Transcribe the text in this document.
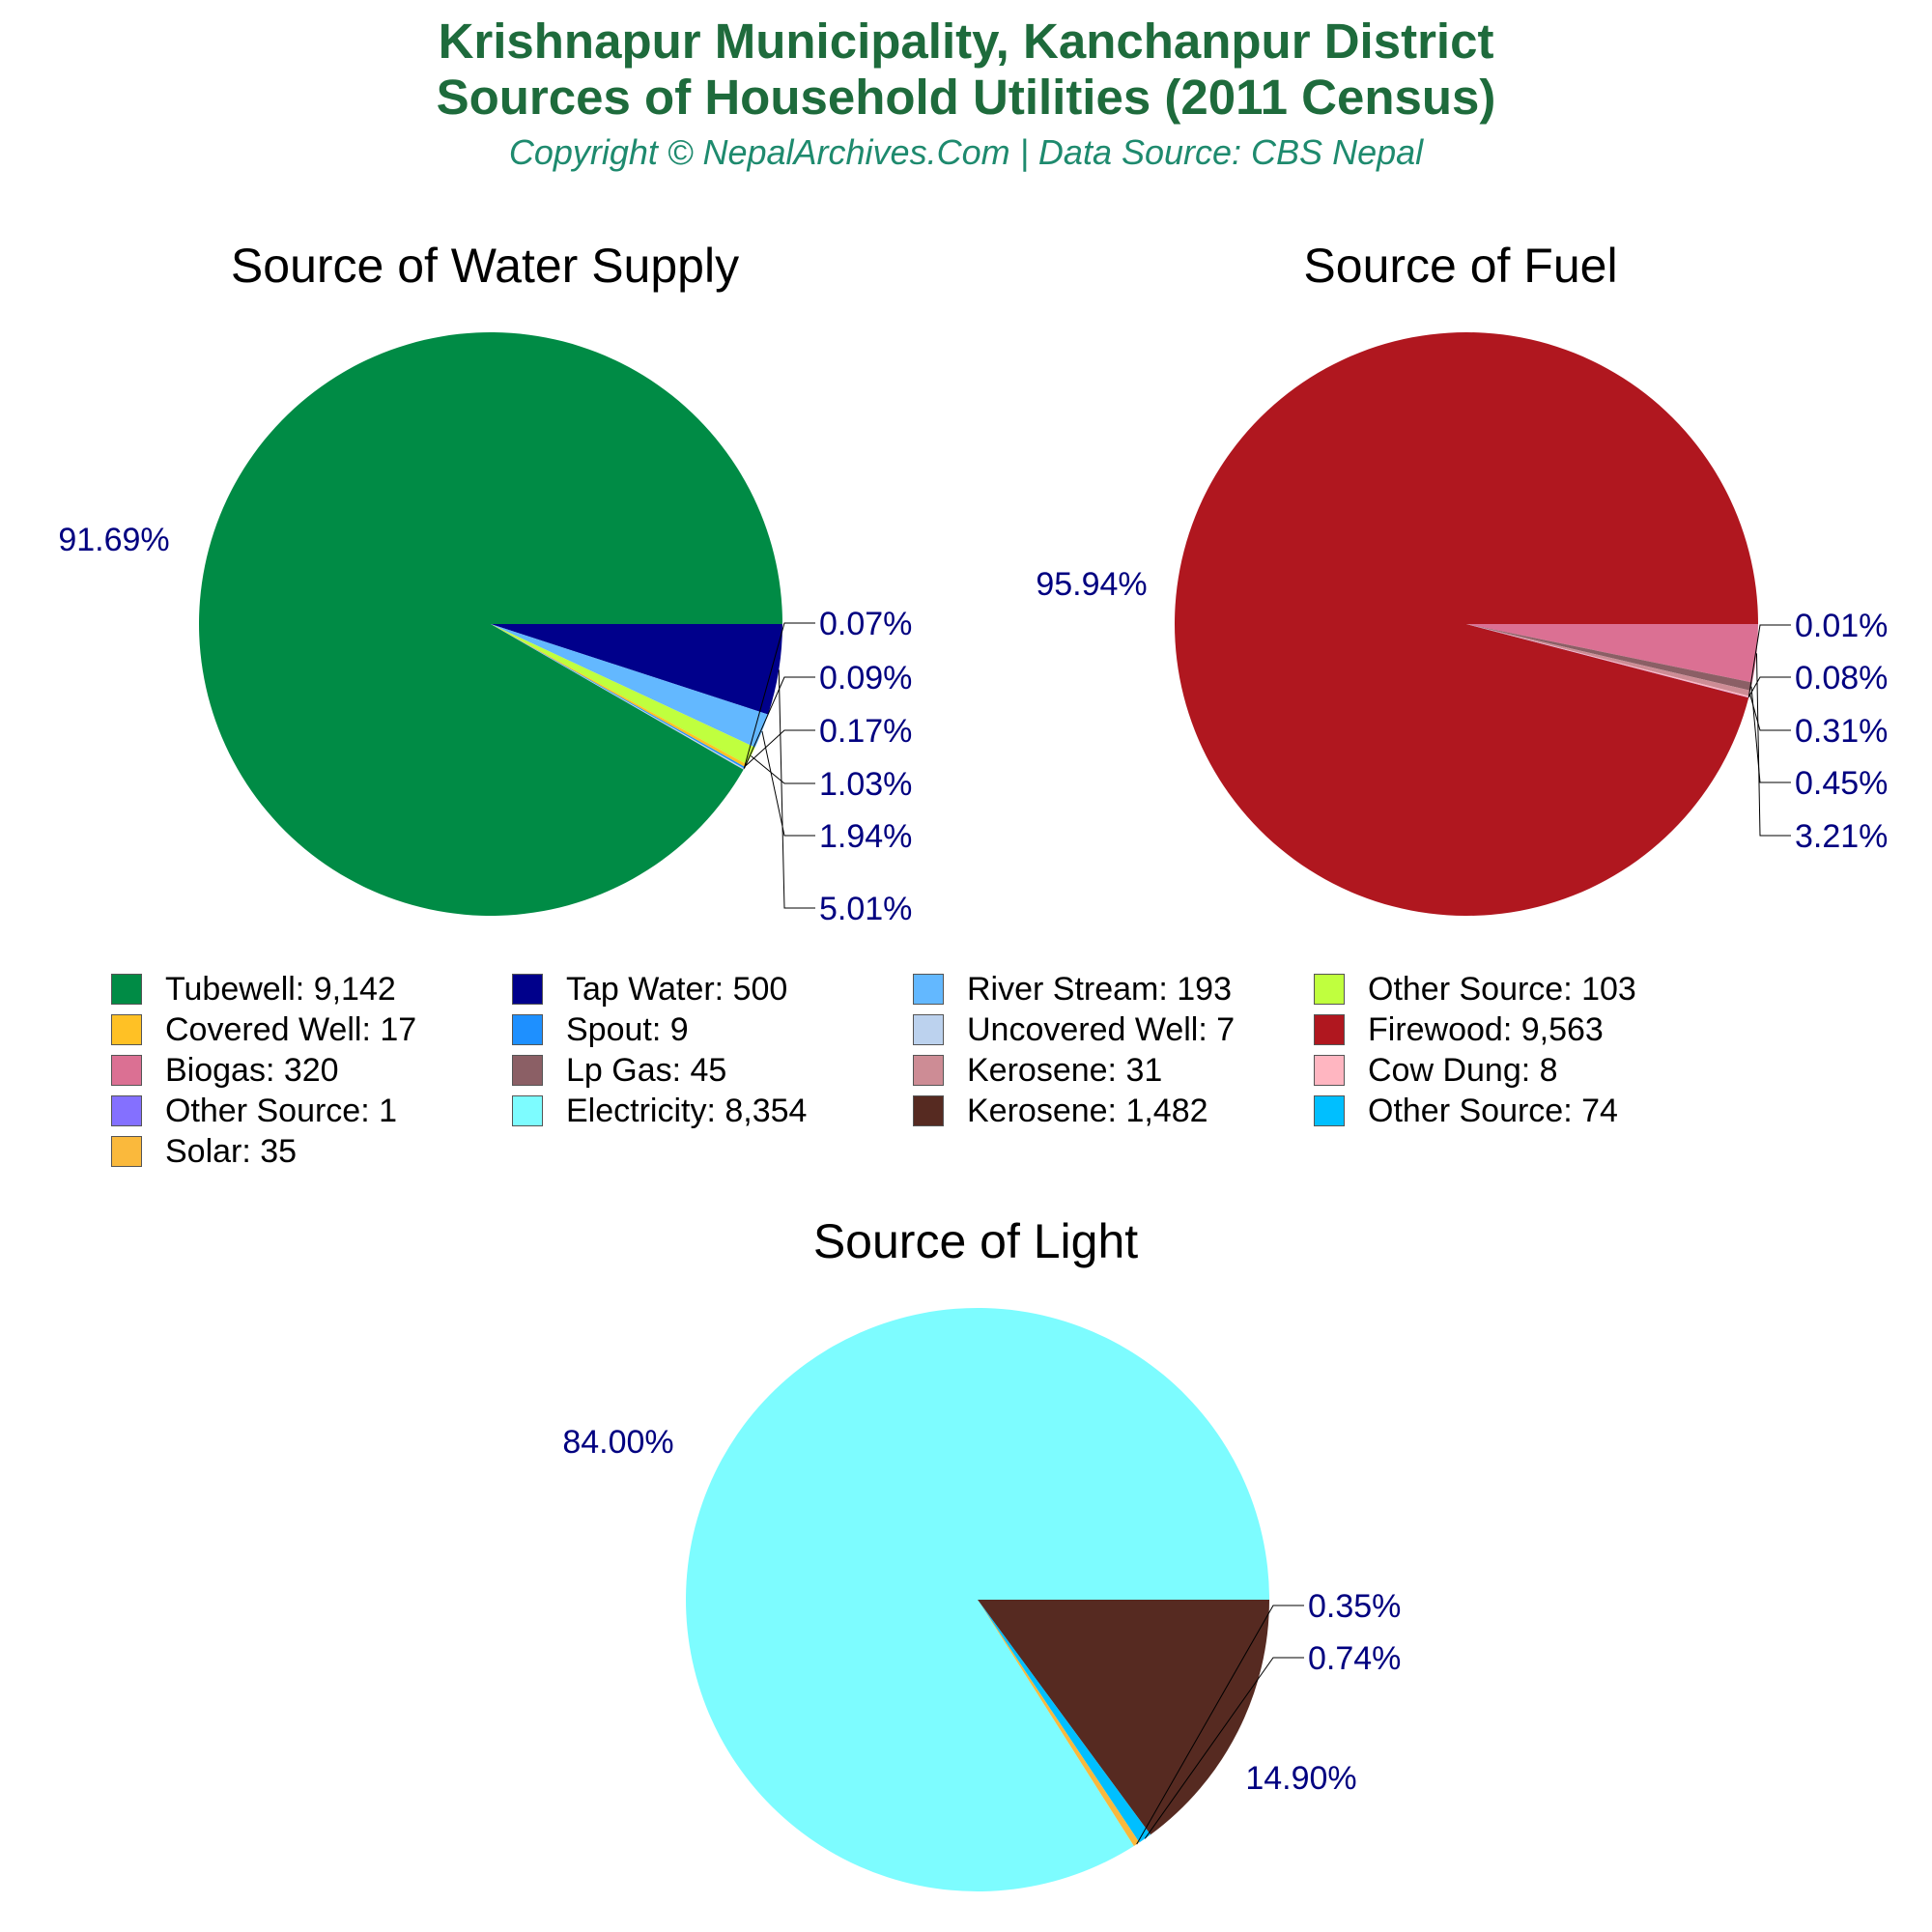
Krishnapur Municipality, Kanchanpur District
Sources of Household Utilities (2011 Census)
Copyright © NepalArchives.Com | Data Source: CBS Nepal
Source of Water Supply
91.69%
0.07%
0.09%
0.17%
1.03%
1.94%
5.01%
Source of Fuel
95.94%
0.01%
0.08%
0.31%
0.45%
3.21%
Source of Light
84.00%
14.90%
0.35%
0.74%
Tubewell: 9,142	Tap Water: 500	River Stream: 193	Other Source: 103
Covered Well: 17	Spout: 9	Uncovered Well: 7	Firewood: 9,563
Biogas: 320	Lp Gas: 45	Kerosene: 31	Cow Dung: 8
Other Source: 1	Electricity: 8,354	Kerosene: 1,482	Other Source: 74
Solar: 35
